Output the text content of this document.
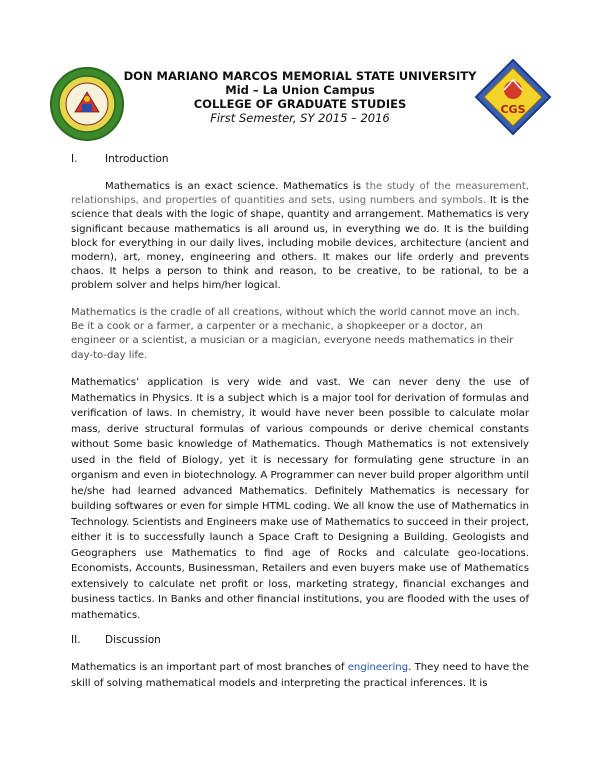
CGS
DON MARIANO MARCOS MEMORIAL STATE UNIVERSITY
Mid – La Union Campus
COLLEGE OF GRADUATE STUDIES
First Semester, SY 2015 – 2016
I.	Introduction

Mathematics is an exact science. Mathematics is the study of the measurement, relationships, and properties of quantities and sets, using numbers and symbols. It is the science that deals with the logic of shape, quantity and arrangement. Mathematics is very significant because mathematics is all around us, in everything we do. It is the building block for everything in our daily lives, including mobile devices, architecture (ancient and modern), art, money, engineering and others. It makes our life orderly and prevents chaos. It helps a person to think and reason, to be creative, to be rational, to be a problem solver and helps him/her logical.

Mathematics is the cradle of all creations, without which the world cannot move an inch. Be it a cook or a farmer, a carpenter or a mechanic, a shopkeeper or a doctor, an engineer or a scientist, a musician or a magician, everyone needs mathematics in their day-to-day life.

Mathematics’ application is very wide and vast. We can never deny the use of Mathematics in Physics. It is a subject which is a major tool for derivation of formulas and verification of laws. In chemistry, it would have never been possible to calculate molar mass, derive structural formulas of various compounds or derive chemical constants without Some basic knowledge of Mathematics. Though Mathematics is not extensively used in the field of Biology, yet it is necessary for formulating gene structure in an organism and even in biotechnology. A Programmer can never build proper algorithm until he/she had learned advanced Mathematics. Definitely Mathematics is necessary for building softwares or even for simple HTML coding. We all know the use of Mathematics in Technology. Scientists and Engineers make use of Mathematics to succeed in their project, either it is to successfully launch a Space Craft to Designing a Building. Geologists and Geographers use Mathematics to find age of Rocks and calculate geo-locations. Economists, Accounts, Businessman, Retailers and even buyers make use of Mathematics extensively to calculate net profit or loss, marketing strategy, financial exchanges and business tactics. In Banks and other financial institutions, you are flooded with the uses of mathematics.

II.	Discussion

Mathematics is an important part of most branches of engineering. They need to have the skill of solving mathematical models and interpreting the practical inferences. It is
